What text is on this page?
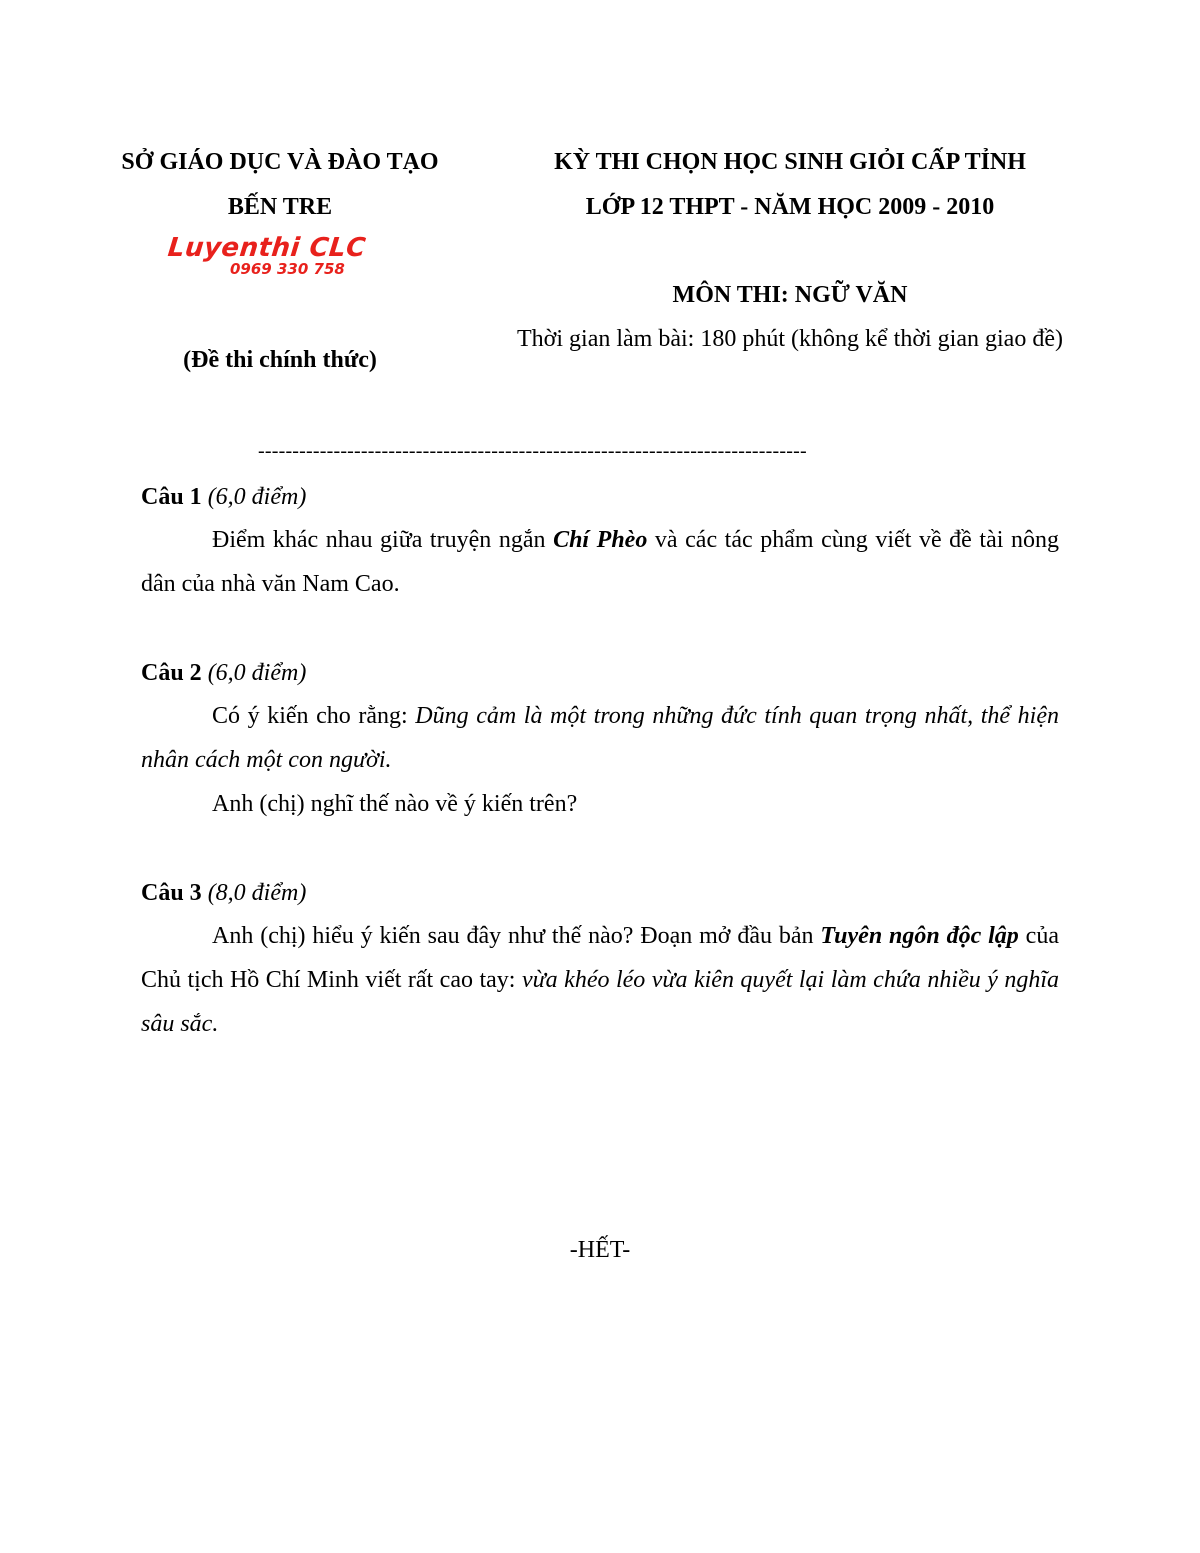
SỞ GIÁO DỤC VÀ ĐÀO TẠO
BẾN TRE
Luyenthi CLC
0969 330 758
(Đề thi chính thức)
KỲ THI CHỌN HỌC SINH GIỎI CẤP TỈNH
LỚP 12 THPT - NĂM HỌC 2009 - 2010
MÔN THI: NGỮ VĂN
Thời gian làm bài: 180 phút (không kể thời gian giao đề)
--------------------------------------------------------------------------------
Câu 1 (6,0 điểm)
Điểm khác nhau giữa truyện ngắn Chí Phèo và các tác phẩm cùng viết về đề tài nông dân của nhà văn Nam Cao.
Câu 2 (6,0 điểm)
Có ý kiến cho rằng: Dũng cảm là một trong những đức tính quan trọng nhất, thể hiện nhân cách một con người.
Anh (chị) nghĩ thế nào về ý kiến trên?
Câu 3 (8,0 điểm)
Anh (chị) hiểu ý kiến sau đây như thế nào? Đoạn mở đầu bản Tuyên ngôn độc lập của Chủ tịch Hồ Chí Minh viết rất cao tay: vừa khéo léo vừa kiên quyết lại làm chứa nhiều ý nghĩa sâu sắc.
-HẾT-
